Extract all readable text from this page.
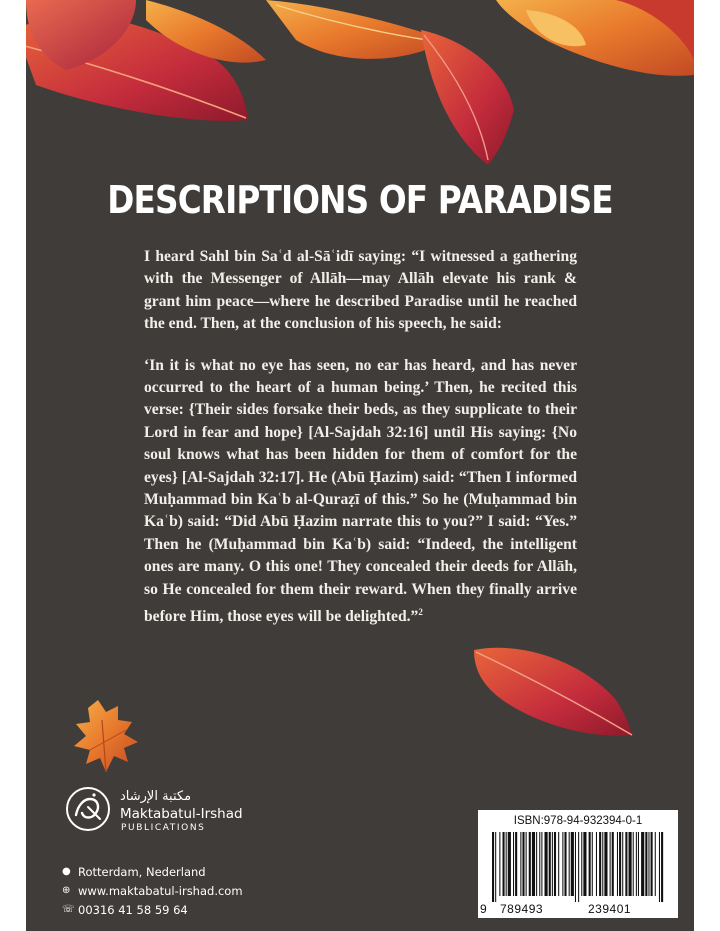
DESCRIPTIONS OF PARADISE

I heard Sahl bin Saʿd al-Sāʿidī saying: “I witnessed a gathering with the Messenger of Allāh—may Allāh elevate his rank & grant him peace—where he described Paradise until he reached the end. Then, at the conclusion of his speech, he said:

‘In it is what no eye has seen, no ear has heard, and has never occurred to the heart of a human being.’ Then, he recited this verse: {Their sides forsake their beds, as they supplicate to their Lord in fear and hope} [Al-Sajdah 32:16] until His saying: {No soul knows what has been hidden for them of comfort for the eyes} [Al-Sajdah 32:17]. He (Abū Ḥazim) said: “Then I informed Muḥammad bin Kaʿb al-Quraẓī of this.” So he (Muḥammad bin Kaʿb) said: “Did Abū Ḥazim narrate this to you?” I said: “Yes.” Then he (Muḥammad bin Kaʿb) said: “Indeed, the intelligent ones are many. O this one! They concealed their deeds for Allāh, so He concealed for them their reward. When they finally arrive before Him, those eyes will be delighted.”$^2$

مكتبة الإرشاد
Maktabatul-Irshad
PUBLICATIONS
● Rotterdam, Nederland
⊕ www.maktabatul-irshad.com
☏ 00316 41 58 59 64
ISBN:978-94-932394-0-1
9 789493	239401
